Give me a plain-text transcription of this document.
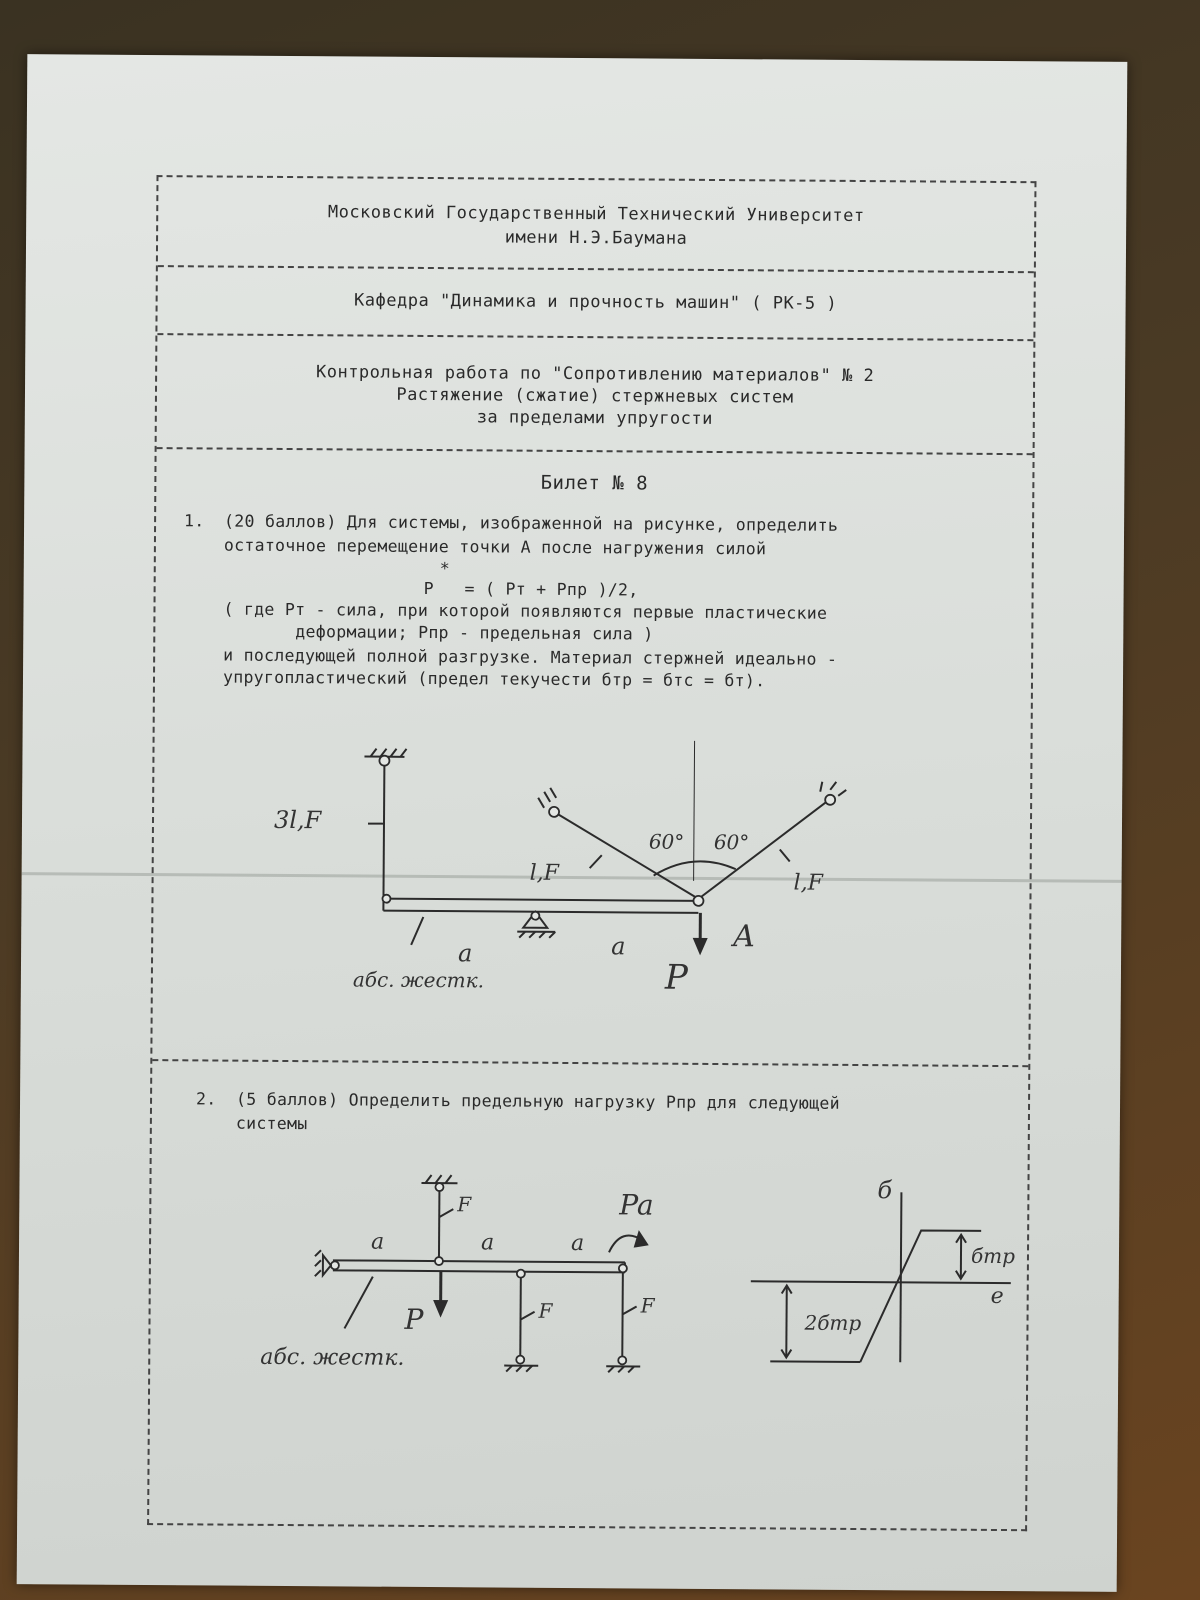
Московский Государственный Технический Университет
имени Н.Э.Баумана
Кафедра "Динамика и прочность машин" ( РК-5 )
Контрольная работа по "Сопротивлению материалов" № 2
Растяжение (сжатие) стержневых систем
за пределами упругости
Билет № 8
1. (20 баллов) Для системы, изображенной на рисунке, определить
остаточное перемещение точки А после нагружения силой
*
P   = ( Pт + Pпр )/2,
( где Pт - сила, при которой появляются первые пластические
деформации; Pпр - предельная сила )
и последующей полной разгрузке. Материал стержней идеально -
упругопластический (предел текучести бтр = бтс = бт).
3l,F
60° 60°
l,F	l,F
P
A
a	a
абс. жестк.
2. (5 баллов) Определить предельную нагрузку Pпр для следующей
системы
F
a	a	a
P
Pa
F	F
абс. жестк.
б
e
бтр
2бтр
